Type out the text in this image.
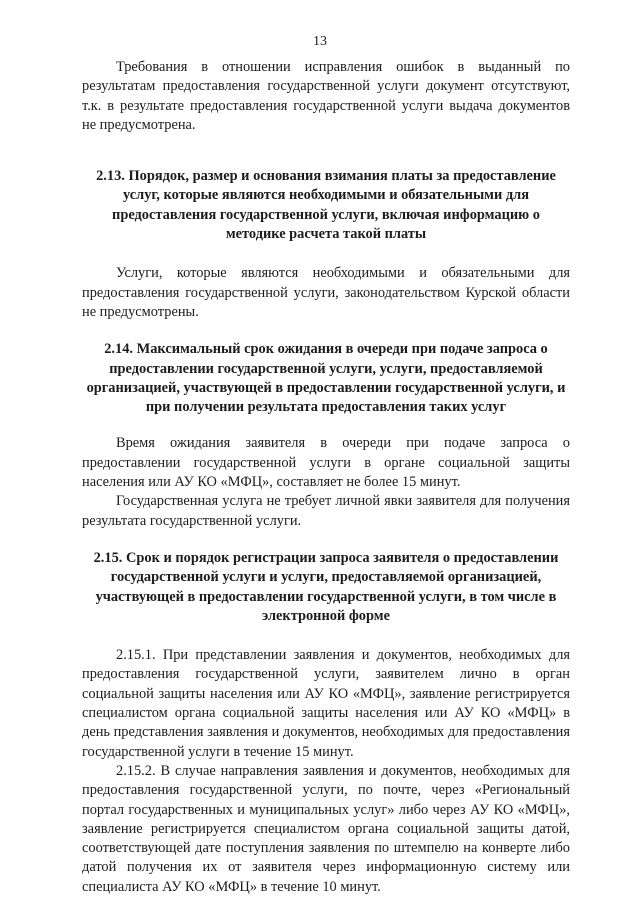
13

Требования в отношении исправления ошибок в выданный по результатам предоставления государственной услуги документ отсутствуют, т.к. в результате предоставления государственной услуги выдача документов не предусмотрена.

2.13. Порядок, размер и основания взимания платы за предоставление услуг, которые являются необходимыми и обязательными для предоставления государственной услуги, включая информацию о методике расчета такой платы

Услуги, которые являются необходимыми и обязательными для предоставления государственной услуги, законодательством Курской области не предусмотрены.

2.14. Максимальный срок ожидания в очереди при подаче запроса о предоставлении государственной услуги, услуги, предоставляемой организацией, участвующей в предоставлении государственной услуги, и при получении результата предоставления таких услуг

Время ожидания заявителя в очереди при подаче запроса о предоставлении государственной услуги в органе социальной защиты населения или АУ КО «МФЦ», составляет не более 15 минут.

Государственная услуга не требует личной явки заявителя для получения результата государственной услуги.

2.15. Срок и порядок регистрации запроса заявителя о предоставлении государственной услуги и услуги, предоставляемой организацией, участвующей в предоставлении государственной услуги, в том числе в электронной форме

2.15.1. При представлении заявления и документов, необходимых для предоставления государственной услуги, заявителем лично в орган социальной защиты населения или АУ КО «МФЦ», заявление регистрируется специалистом органа социальной защиты населения или АУ КО «МФЦ» в день представления заявления и документов, необходимых для предоставления государственной услуги в течение 15 минут.

2.15.2. В случае направления заявления и документов, необходимых для предоставления государственной услуги, по почте, через «Региональный портал государственных и муниципальных услуг» либо через АУ КО «МФЦ», заявление регистрируется специалистом органа социальной защиты датой, соответствующей дате поступления заявления по штемпелю на конверте либо датой получения их от заявителя через информационную систему или специалиста АУ КО «МФЦ» в течение 10 минут.
